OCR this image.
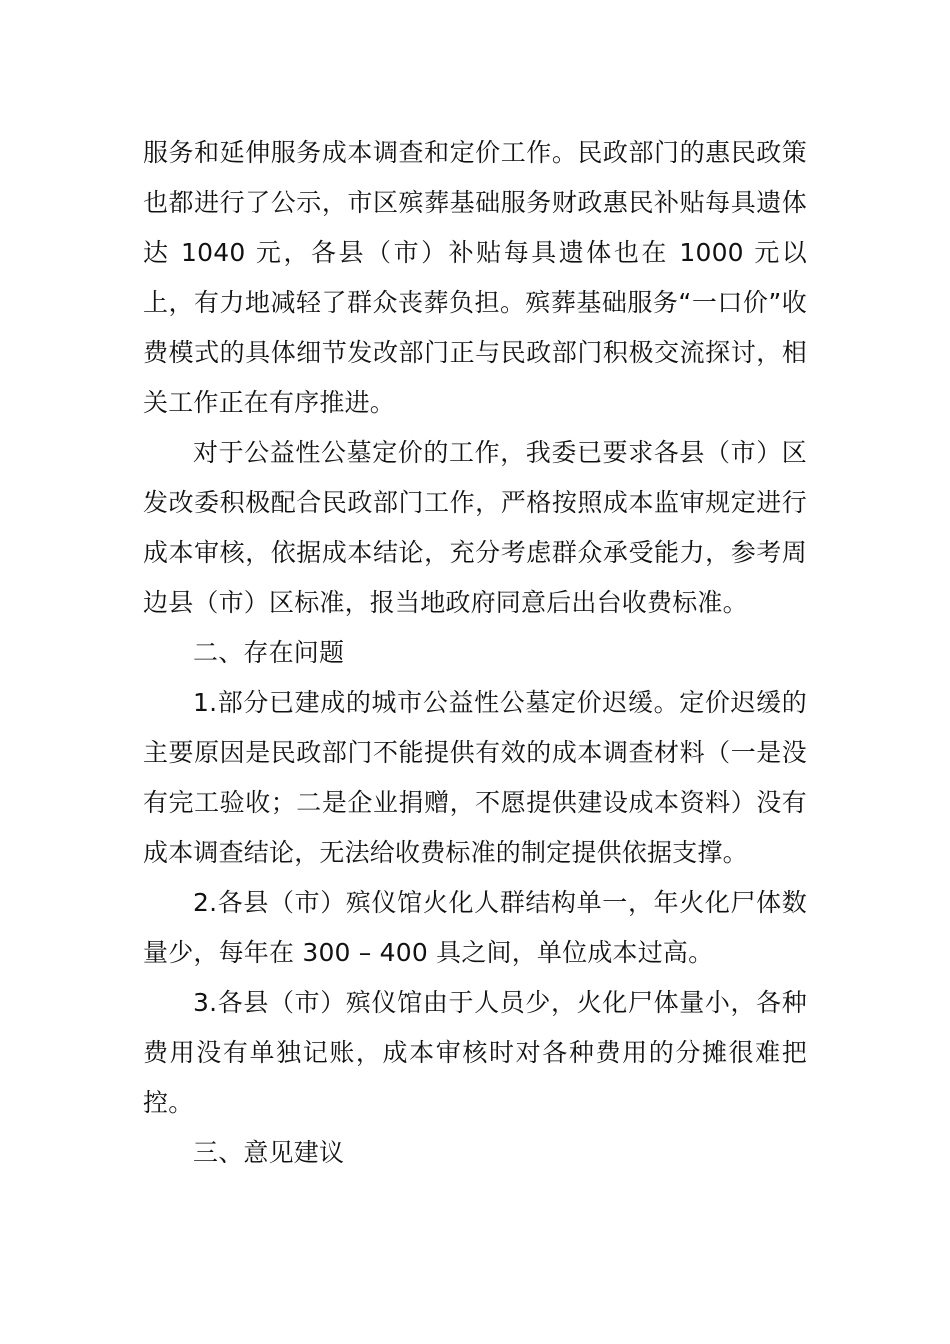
服务和延伸服务成本调查和定价工作。民政部门的惠民政策也都进行了公示，市区殡葬基础服务财政惠民补贴每具遗体达 1040 元，各县（市）补贴每具遗体也在 1000 元以上，有力地减轻了群众丧葬负担。殡葬基础服务“一口价”收费模式的具体细节发改部门正与民政部门积极交流探讨，相关工作正在有序推进。

对于公益性公墓定价的工作，我委已要求各县（市）区发改委积极配合民政部门工作，严格按照成本监审规定进行成本审核，依据成本结论，充分考虑群众承受能力，参考周边县（市）区标准，报当地政府同意后出台收费标准。

二、存在问题

1.部分已建成的城市公益性公墓定价迟缓。定价迟缓的主要原因是民政部门不能提供有效的成本调查材料（一是没有完工验收；二是企业捐赠，不愿提供建设成本资料）没有成本调查结论，无法给收费标准的制定提供依据支撑。

2.各县（市）殡仪馆火化人群结构单一，年火化尸体数量少，每年在 300 – 400 具之间，单位成本过高。

3.各县（市）殡仪馆由于人员少，火化尸体量小，各种费用没有单独记账，成本审核时对各种费用的分摊很难把控。

三、意见建议
